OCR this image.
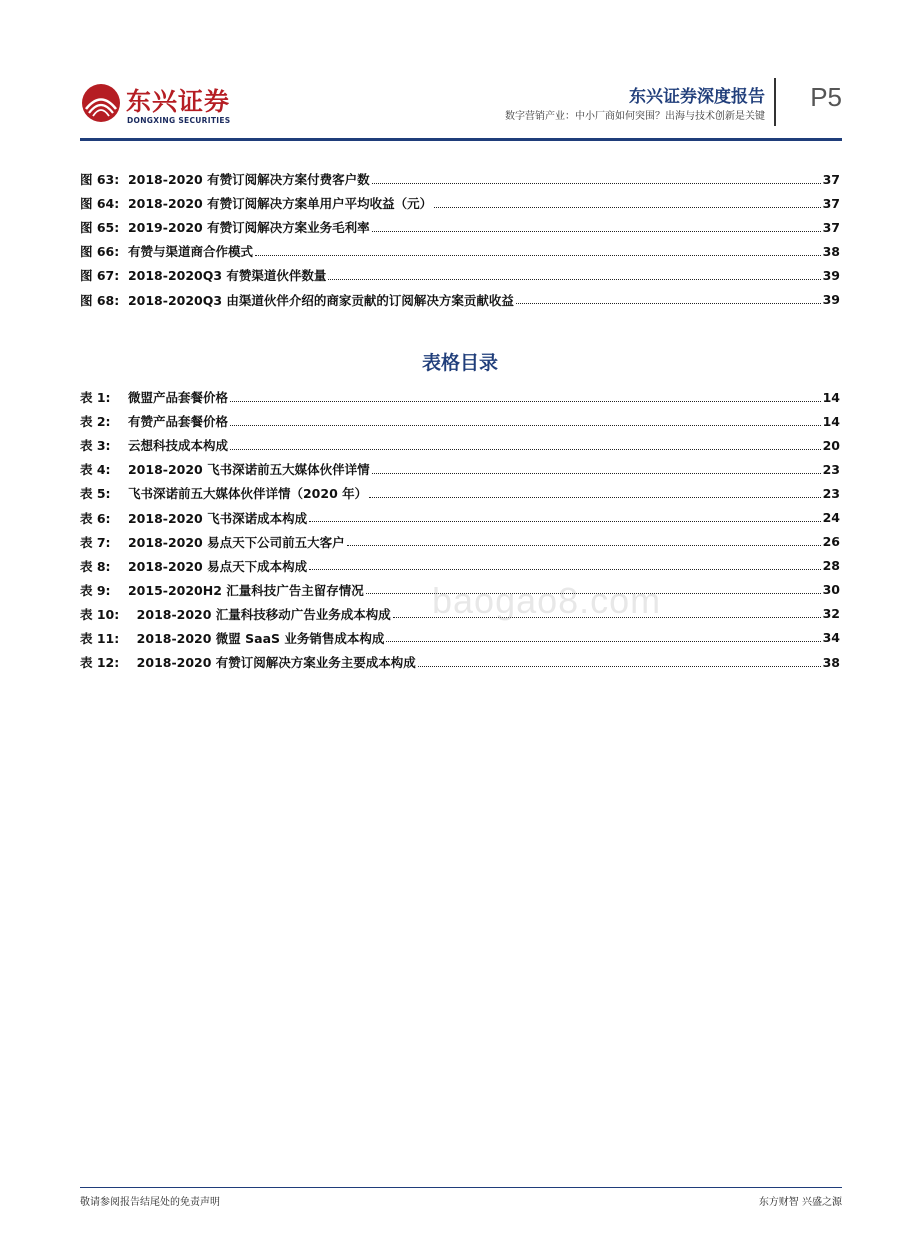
东兴证券
DONGXING SECURITIES
东兴证券深度报告
数字营销产业：中小厂商如何突围？出海与技术创新是关键
P5
图 63:
2018-2020 有赞订阅解决方案付费客户数	37
图 64:
2018-2020 有赞订阅解决方案单用户平均收益（元）	37
图 65:
2019-2020 有赞订阅解决方案业务毛利率	37
图 66:
有赞与渠道商合作模式	38
图 67:
2018-2020Q3 有赞渠道伙伴数量	39
图 68:
2018-2020Q3 由渠道伙伴介绍的商家贡献的订阅解决方案贡献收益	39
表格目录
表 1:
微盟产品套餐价格	14
表 2:
有赞产品套餐价格	14
表 3:
云想科技成本构成	20
表 4:
2018-2020 飞书深诺前五大媒体伙伴详情	23
表 5:
飞书深诺前五大媒体伙伴详情（2020 年）	23
表 6:
2018-2020 飞书深诺成本构成	24
表 7:
2018-2020 易点天下公司前五大客户	26
表 8:
2018-2020 易点天下成本构成	28
表 9:
2015-2020H2 汇量科技广告主留存情况	30
表 10:
2018-2020 汇量科技移动广告业务成本构成	32
表 11:
2018-2020 微盟 SaaS 业务销售成本构成	34
表 12:
2018-2020 有赞订阅解决方案业务主要成本构成	38
baogao8.com
敬请参阅报告结尾处的免责声明	东方财智 兴盛之源
